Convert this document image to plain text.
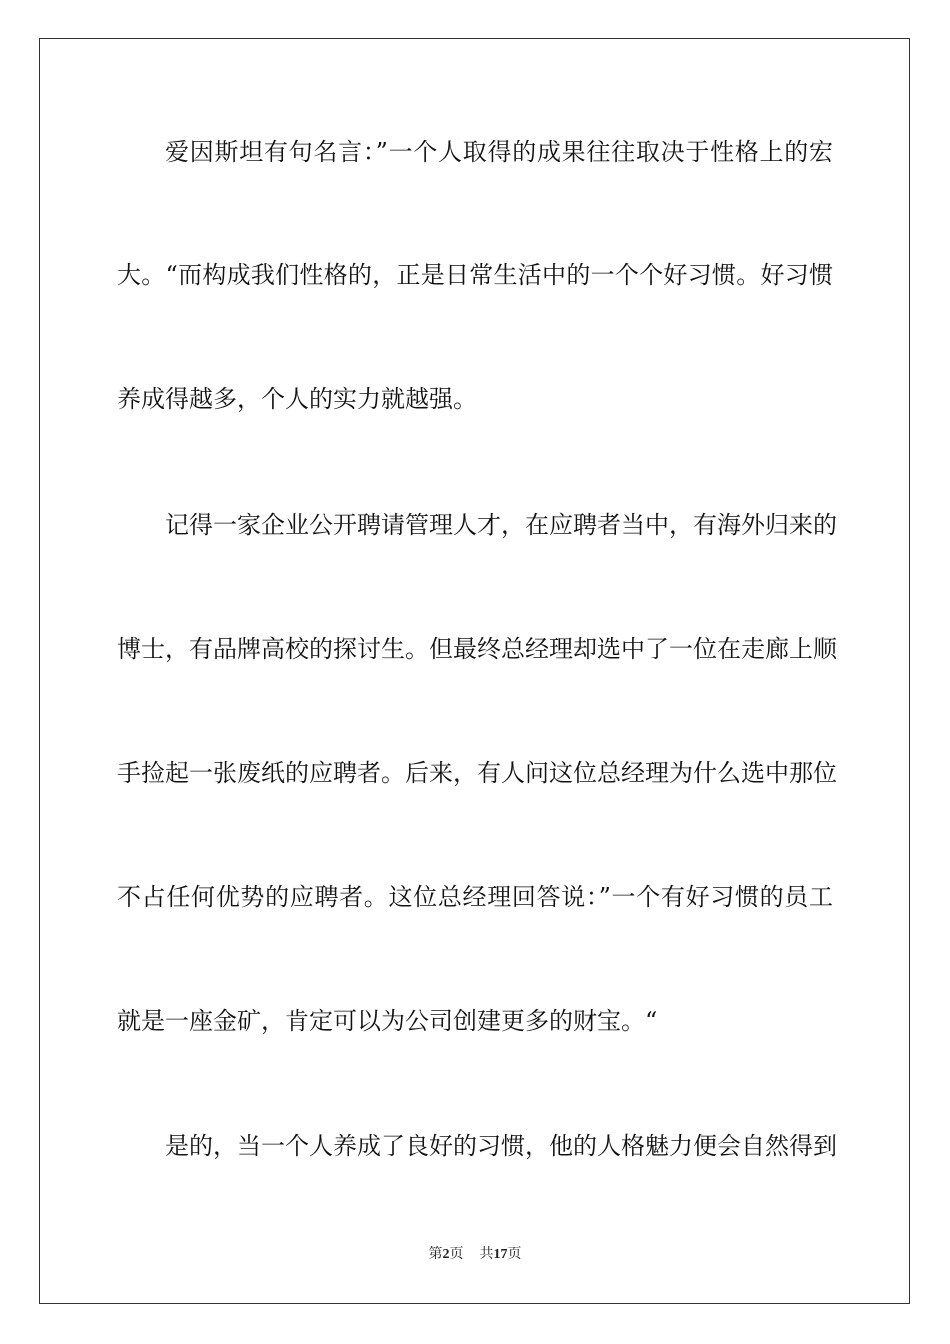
爱因斯坦有句名言：”一个人取得的成果往往取决于性格上的宏
大。“而构成我们性格的，正是日常生活中的一个个好习惯。好习惯
养成得越多，个人的实力就越强。
记得一家企业公开聘请管理人才，在应聘者当中，有海外归来的
博士，有品牌高校的探讨生。但最终总经理却选中了一位在走廊上顺
手捡起一张废纸的应聘者。后来，有人问这位总经理为什么选中那位
不占任何优势的应聘者。这位总经理回答说：”一个有好习惯的员工
就是一座金矿，肯定可以为公司创建更多的财宝。“
是的，当一个人养成了良好的习惯，他的人格魅力便会自然得到
第2页 共17页
